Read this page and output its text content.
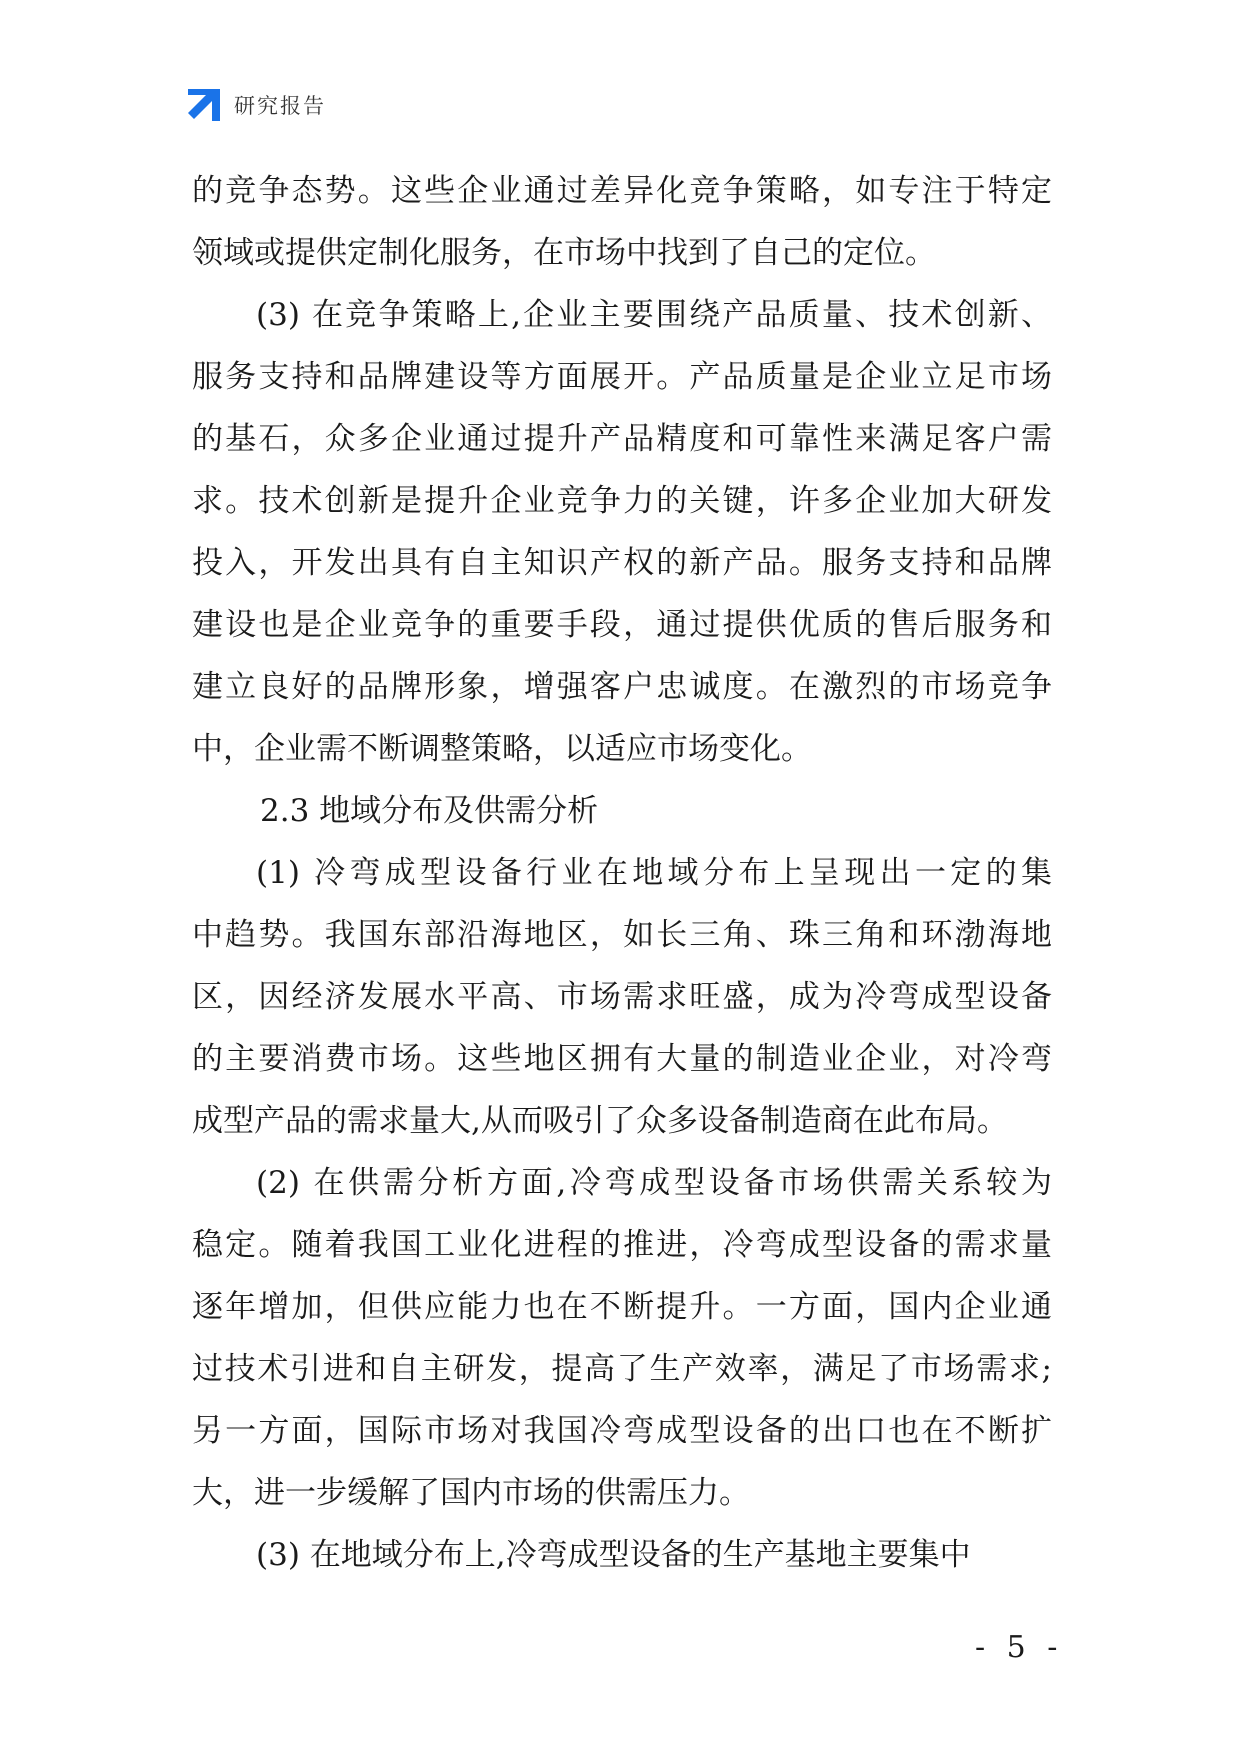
研究报告
的竞争态势。这些企业通过差异化竞争策略，如专注于特定
领域或提供定制化服务，在市场中找到了自己的定位。
(3) 在竞争策略上,企业主要围绕产品质量、技术创新、
服务支持和品牌建设等方面展开。产品质量是企业立足市场
的基石，众多企业通过提升产品精度和可靠性来满足客户需
求。技术创新是提升企业竞争力的关键，许多企业加大研发
投入，开发出具有自主知识产权的新产品。服务支持和品牌
建设也是企业竞争的重要手段，通过提供优质的售后服务和
建立良好的品牌形象，增强客户忠诚度。在激烈的市场竞争
中，企业需不断调整策略，以适应市场变化。
2.3 地域分布及供需分析
(1) 冷弯成型设备行业在地域分布上呈现出一定的集
中趋势。我国东部沿海地区，如长三角、珠三角和环渤海地
区，因经济发展水平高、市场需求旺盛，成为冷弯成型设备
的主要消费市场。这些地区拥有大量的制造业企业，对冷弯
成型产品的需求量大,从而吸引了众多设备制造商在此布局。
(2) 在供需分析方面,冷弯成型设备市场供需关系较为
稳定。随着我国工业化进程的推进，冷弯成型设备的需求量
逐年增加，但供应能力也在不断提升。一方面，国内企业通
过技术引进和自主研发，提高了生产效率，满足了市场需求;
另一方面，国际市场对我国冷弯成型设备的出口也在不断扩
大，进一步缓解了国内市场的供需压力。
(3) 在地域分布上,冷弯成型设备的生产基地主要集中
- 5 -
